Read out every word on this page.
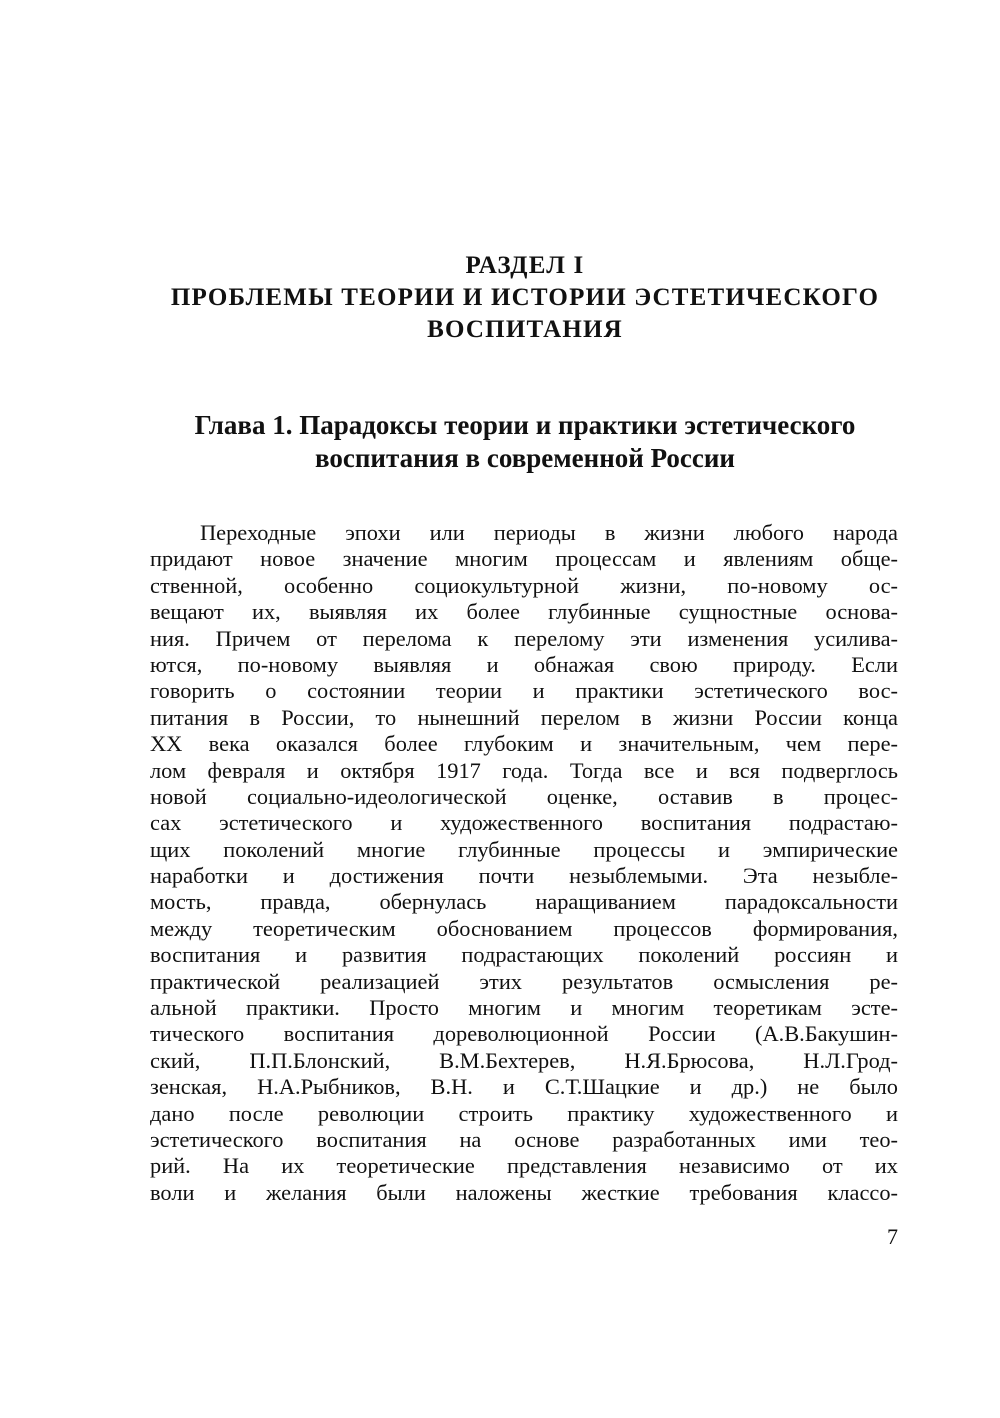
РАЗДЕЛ I
ПРОБЛЕМЫ ТЕОРИИ И ИСТОРИИ ЭСТЕТИЧЕСКОГО
ВОСПИТАНИЯ
Глава 1. Парадоксы теории и практики эстетического
воспитания в современной России
Переходные эпохи или периоды в жизни любого народа
придают новое значение многим процессам и явлениям обще-
ственной, особенно социокультурной жизни, по-новому ос-
вещают их, выявляя их более глубинные сущностные основа-
ния. Причем от перелома к перелому эти изменения усилива-
ются, по-новому выявляя и обнажая свою природу. Если
говорить о состоянии теории и практики эстетического вос-
питания в России, то нынешний перелом в жизни России конца
XX века оказался более глубоким и значительным, чем пере-
лом февраля и октября 1917 года. Тогда все и вся подверглось
новой социально-идеологической оценке, оставив в процес-
сах эстетического и художественного воспитания подрастаю-
щих поколений многие глубинные процессы и эмпирические
наработки и достижения почти незыблемыми. Эта незыбле-
мость, правда, обернулась наращиванием парадоксальности
между теоретическим обоснованием процессов формирования,
воспитания и развития подрастающих поколений россиян и
практической реализацией этих результатов осмысления ре-
альной практики. Просто многим и многим теоретикам эсте-
тического воспитания дореволюционной России (А.В.Бакушин-
ский, П.П.Блонский, В.М.Бехтерев, Н.Я.Брюсова, Н.Л.Грод-
зенская, Н.А.Рыбников, В.Н. и С.Т.Шацкие и др.) не было
дано после революции строить практику художественного и
эстетического воспитания на основе разработанных ими тео-
рий. На их теоретические представления независимо от их
воли и желания были наложены жесткие требования классо-
7
